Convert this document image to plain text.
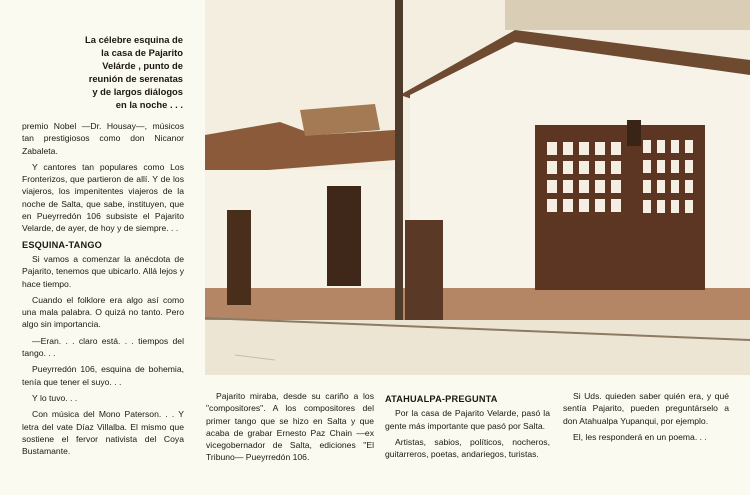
La célebre esquina de
la casa de Pajarito
Velárde , punto de
reunión de serenatas
y de largos diálogos
en la noche . . .

premio Nobel —Dr. Housay—, músicos tan prestigiosos como don Nicanor Zabaleta.

Y cantores tan populares como Los Fronterizos, que partieron de allí. Y de los viajeros, los impenitentes viajeros de la noche de Salta, que sabe, instituyen, que en Pueyrredón 106 subsiste el Pajarito Velarde, de ayer, de hoy y de siempre. . .

ESQUINA-TANGO

Si vamos a comenzar la anécdota de Pajarito, tenemos que ubicarlo. Allá lejos y hace tiempo.

Cuando el folklore era algo así como una mala palabra. O quizá no tanto. Pero algo sin importancia.

—Eran. . . claro está. . . tiempos del tango. . .

Pueyrredón 106, esquina de bohemia, tenía que tener el suyo. . .

Y lo tuvo. . .

Con música del Mono Paterson. . . Y letra del vate Díaz Villalba. El mismo que sostiene el fervor nativista del Coya Bustamante.

Pajarito miraba, desde su cariño a los "compositores". A los compositores del primer tango que se hizo en Salta y que acaba de grabar Ernesto Paz Chain —ex vicegobernador de Salta, ediciones "El Tribuno— Pueyrredón 106.

ATAHUALPA-PREGUNTA

Por la casa de Pajarito Velarde, pasó la gente más importante que pasó por Salta.

Artistas, sabios, políticos, nocheros, guitarreros, poetas, andariegos, turistas.

Si Uds. quieden saber quién era, y qué sentía Pajarito, pueden preguntárselo a don Atahualpa Yupanqui, por ejemplo.

El, les responderá en un poema. . .
